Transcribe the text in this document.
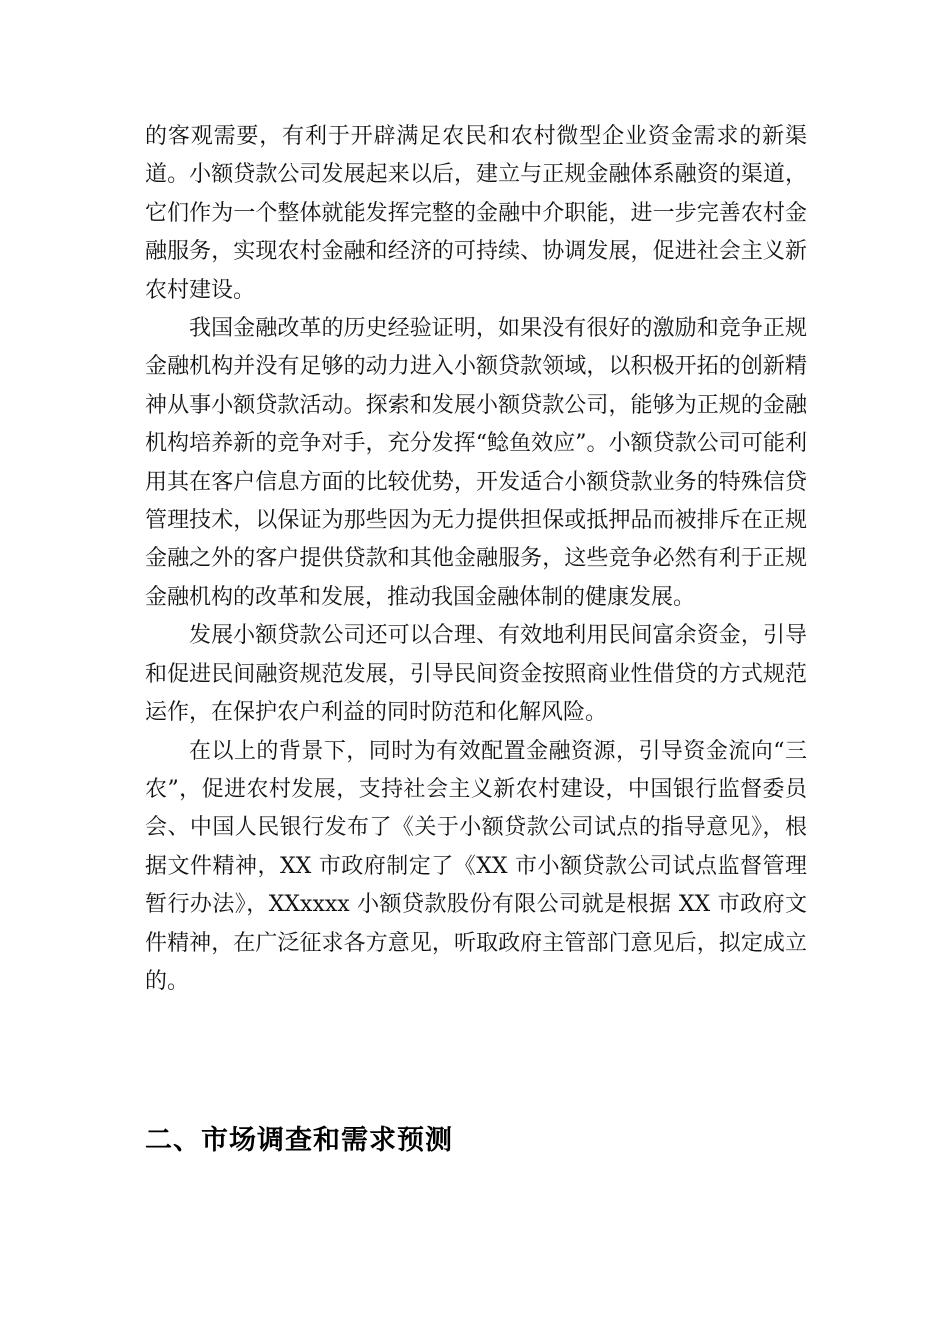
的客观需要，有利于开辟满足农民和农村微型企业资金需求的新渠道。小额贷款公司发展起来以后，建立与正规金融体系融资的渠道，它们作为一个整体就能发挥完整的金融中介职能，进一步完善农村金融服务，实现农村金融和经济的可持续、协调发展，促进社会主义新农村建设。

我国金融改革的历史经验证明，如果没有很好的激励和竞争正规金融机构并没有足够的动力进入小额贷款领域，以积极开拓的创新精神从事小额贷款活动。探索和发展小额贷款公司，能够为正规的金融机构培养新的竞争对手，充分发挥“鲶鱼效应”。小额贷款公司可能利用其在客户信息方面的比较优势，开发适合小额贷款业务的特殊信贷管理技术，以保证为那些因为无力提供担保或抵押品而被排斥在正规金融之外的客户提供贷款和其他金融服务，这些竞争必然有利于正规金融机构的改革和发展，推动我国金融体制的健康发展。

发展小额贷款公司还可以合理、有效地利用民间富余资金，引导和促进民间融资规范发展，引导民间资金按照商业性借贷的方式规范运作，在保护农户利益的同时防范和化解风险。

在以上的背景下，同时为有效配置金融资源，引导资金流向“三农”，促进农村发展，支持社会主义新农村建设，中国银行监督委员会、中国人民银行发布了《关于小额贷款公司试点的指导意见》，根据文件精神，XX 市政府制定了《XX 市小额贷款公司试点监督管理暂行办法》，XXxxxx 小额贷款股份有限公司就是根据 XX 市政府文件精神，在广泛征求各方意见，听取政府主管部门意见后，拟定成立的。

二、市场调查和需求预测
